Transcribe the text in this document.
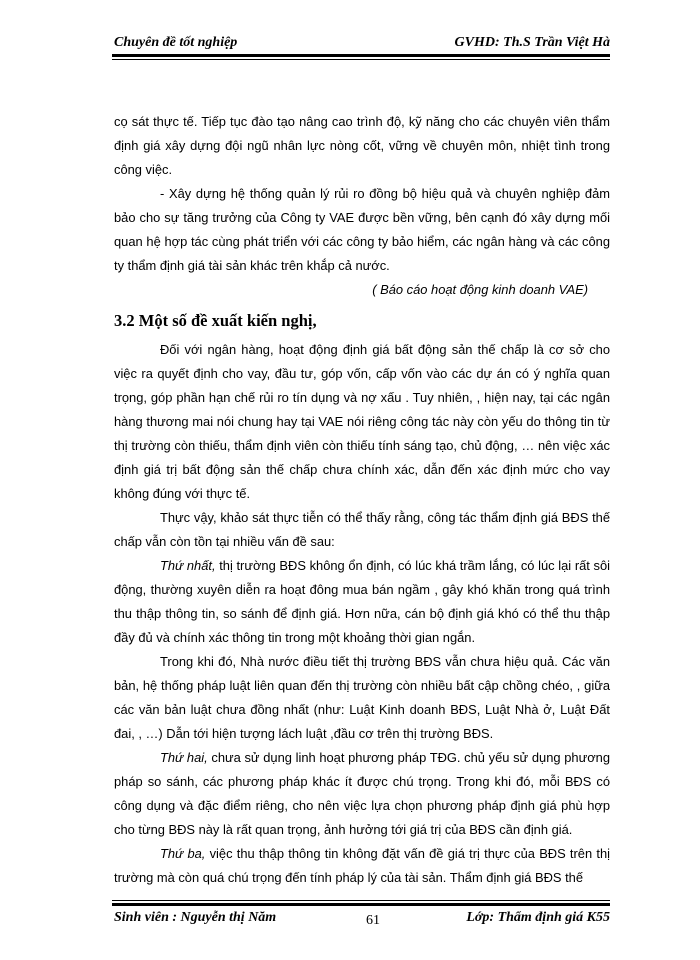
Chuyên đề tốt nghiệp	GVHD: Th.S Trần Việt Hà

cọ sát thực tế. Tiếp tục đào tạo nâng cao trình độ, kỹ năng cho các chuyên viên thẩm định giá xây dựng đội ngũ nhân lực nòng cốt, vững về chuyên môn, nhiệt tình trong công việc.

- Xây dựng hệ thống quản lý rủi ro đồng bộ hiệu quả và chuyên nghiệp đảm bảo cho sự tăng trưởng của Công ty VAE được bền vững, bên cạnh đó xây dựng mối quan hệ hợp tác cùng phát triển với các công ty bảo hiểm, các ngân hàng và các công ty thẩm định giá tài sản khác trên khắp cả nước.

( Báo cáo hoạt động kinh doanh VAE)

3.2 Một số đề xuất kiến nghị,

Đối với ngân hàng, hoạt động định giá bất động sản thế chấp là cơ sở cho việc ra quyết định cho vay, đầu tư, góp vốn, cấp vốn vào các dự án có ý nghĩa quan trọng, góp phần hạn chế rủi ro tín dụng và nợ xấu . Tuy nhiên, , hiện nay, tại các ngân hàng thương mai nói chung hay tại VAE nói riêng công tác này còn yếu do thông tin từ thị trường còn thiếu, thẩm định viên còn thiếu tính sáng tạo, chủ động, … nên việc xác định giá trị bất động sản thế chấp chưa chính xác, dẫn đến xác định mức cho vay không đúng với thực tế.

Thực vậy, khảo sát thực tiễn có thể thấy rằng, công tác thẩm định giá BĐS thế chấp vẫn còn tồn tại nhiều vấn đề sau:

Thứ nhất, thị trường BĐS không ổn định, có lúc khá trầm lắng, có lúc lại rất sôi động, thường xuyên diễn ra hoạt đông mua bán ngầm , gây khó khăn trong quá trình thu thập thông tin, so sánh để định giá. Hơn nữa, cán bộ định giá khó có thể thu thập đầy đủ và chính xác thông tin trong một khoảng thời gian ngắn.

Trong khi đó, Nhà nước điều tiết thị trường BĐS vẫn chưa hiệu quả. Các văn bản, hệ thống pháp luật liên quan đến thị trường còn nhiều bất cập chồng chéo, , giữa các văn bản luật chưa đồng nhất (như: Luật Kinh doanh BĐS, Luật Nhà ở, Luật Đất đai, , …) Dẫn tới hiện tượng lách luật ,đầu cơ trên thị trường BĐS.

Thứ hai, chưa sử dụng linh hoạt phương pháp TĐG. chủ yếu sử dụng phương pháp so sánh, các phương pháp khác ít được chú trọng. Trong khi đó, mỗi BĐS có công dụng và đặc điểm riêng, cho nên việc lựa chọn phương pháp định giá phù hợp cho từng BĐS này là rất quan trọng, ảnh hưởng tới giá trị của BĐS cần định giá.

Thứ ba, việc thu thập thông tin không đặt vấn đề giá trị thực của BĐS trên thị trường mà còn quá chú trọng đến tính pháp lý của tài sản. Thẩm định giá BĐS thế

Sinh viên : Nguyễn thị Năm	61	Lớp: Thẩm định giá K55
